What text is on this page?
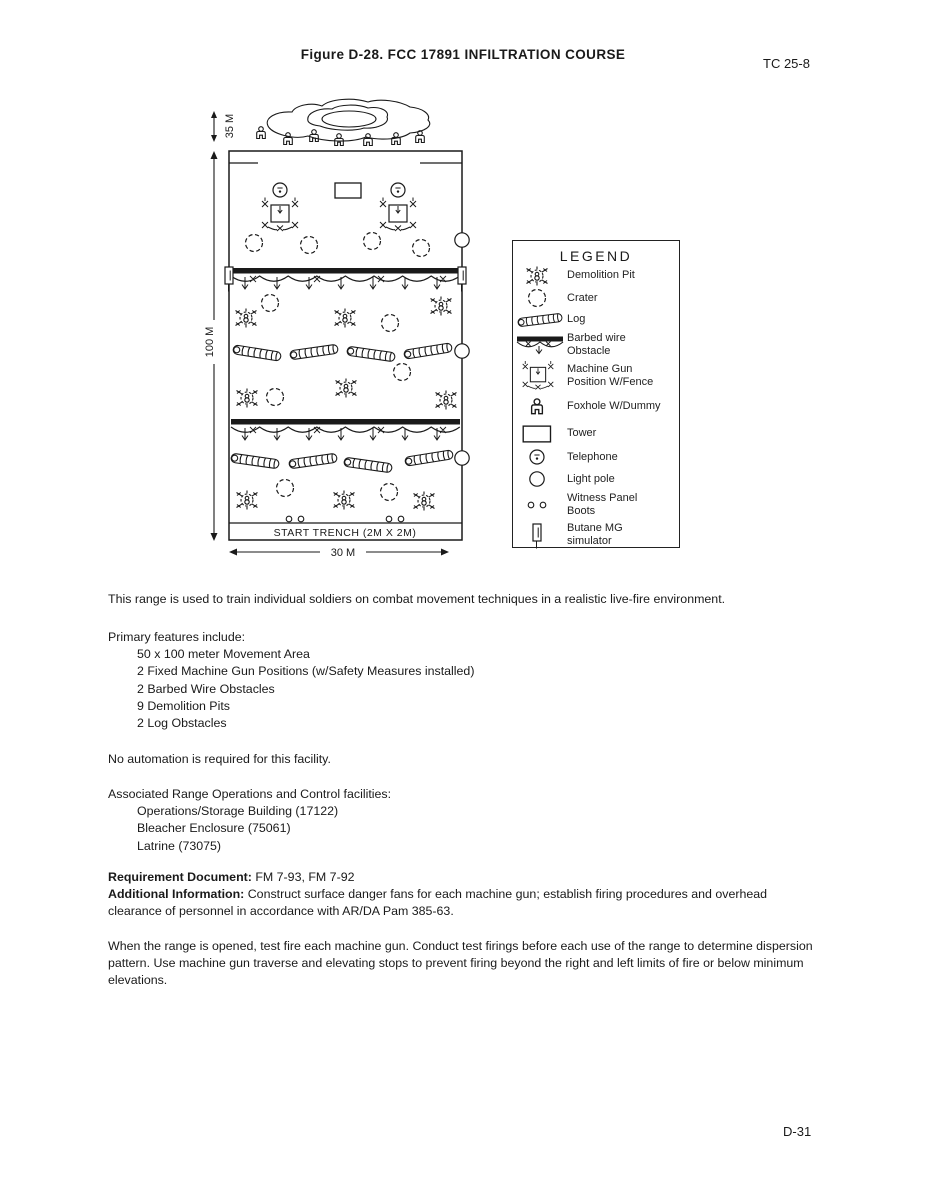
Figure D-28. FCC 17891 INFILTRATION COURSE
TC 25-8
35 M
100 M
START TRENCH (2M X 2M)
30 M
LEGEND
Demolition Pit
Crater
Log
Barbed wire Obstacle
Machine Gun Position W/Fence
Foxhole W/Dummy
Tower
Telephone
Light pole
Witness Panel Boots
Butane MG simulator
This range is used to train individual soldiers on combat movement techniques in a realistic live-fire environment.
Primary features include:
50 x 100 meter Movement Area
2 Fixed Machine Gun Positions (w/Safety Measures installed)
2 Barbed Wire Obstacles
9 Demolition Pits
2 Log Obstacles
No automation is required for this facility.
Associated Range Operations and Control facilities:
Operations/Storage Building (17122)
Bleacher Enclosure (75061)
Latrine (73075)
Requirement Document: FM 7-93, FM 7-92
Additional Information: Construct surface danger fans for each machine gun; establish firing procedures and overhead clearance of personnel in accordance with AR/DA Pam 385-63.
When the range is opened, test fire each machine gun. Conduct test firings before each use of the range to determine dispersion pattern. Use machine gun traverse and elevating stops to prevent firing beyond the right and left limits of fire or below minimum elevations.
D-31
